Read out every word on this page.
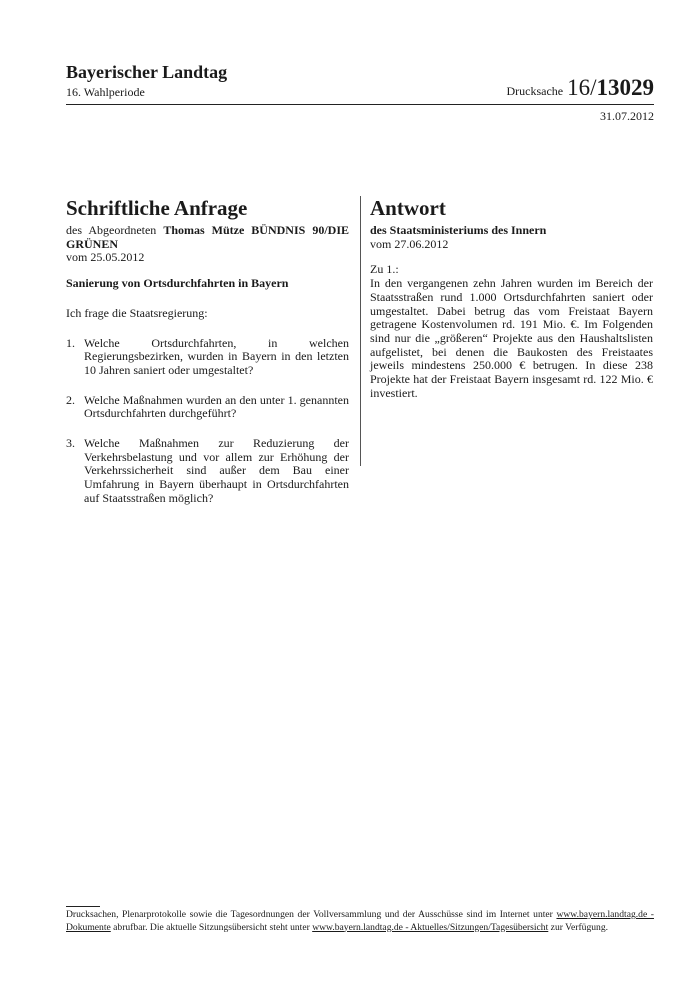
Bayerischer Landtag
16. Wahlperiode	Drucksache 16/13029
31.07.2012
Schriftliche Anfrage

des Abgeordneten Thomas Mütze BÜNDNIS 90/DIE GRÜNEN

vom 25.05.2012

Sanierung von Ortsdurchfahrten in Bayern

Ich frage die Staatsregierung:

1. Welche Ortsdurchfahrten, in welchen Regierungsbezirken, wurden in Bayern in den letzten 10 Jahren saniert oder umgestaltet?
2. Welche Maßnahmen wurden an den unter 1. genannten Ortsdurchfahrten durchgeführt?
3. Welche Maßnahmen zur Reduzierung der Verkehrsbelastung und vor allem zur Erhöhung der Verkehrssicherheit sind außer dem Bau einer Umfahrung in Bayern überhaupt in Ortsdurchfahrten auf Staatsstraßen möglich?
Antwort

des Staatsministeriums des Innern

vom 27.06.2012

Zu 1.:

In den vergangenen zehn Jahren wurden im Bereich der Staatsstraßen rund 1.000 Ortsdurchfahrten saniert oder umgestaltet. Dabei betrug das vom Freistaat Bayern getragene Kostenvolumen rd. 191 Mio. €. Im Folgenden sind nur die „größeren“ Projekte aus den Haushaltslisten aufgelistet, bei denen die Baukosten des Freistaates jeweils mindestens 250.000 € betrugen. In diese 238 Projekte hat der Freistaat Bayern insgesamt rd. 122 Mio. € investiert.

Drucksachen, Plenarprotokolle sowie die Tagesordnungen der Vollversammlung und der Ausschüsse sind im Internet unter www.bayern.landtag.de - Dokumente abrufbar. Die aktuelle Sitzungsübersicht steht unter www.bayern.landtag.de - Aktuelles/Sitzungen/Tagesübersicht zur Verfügung.
